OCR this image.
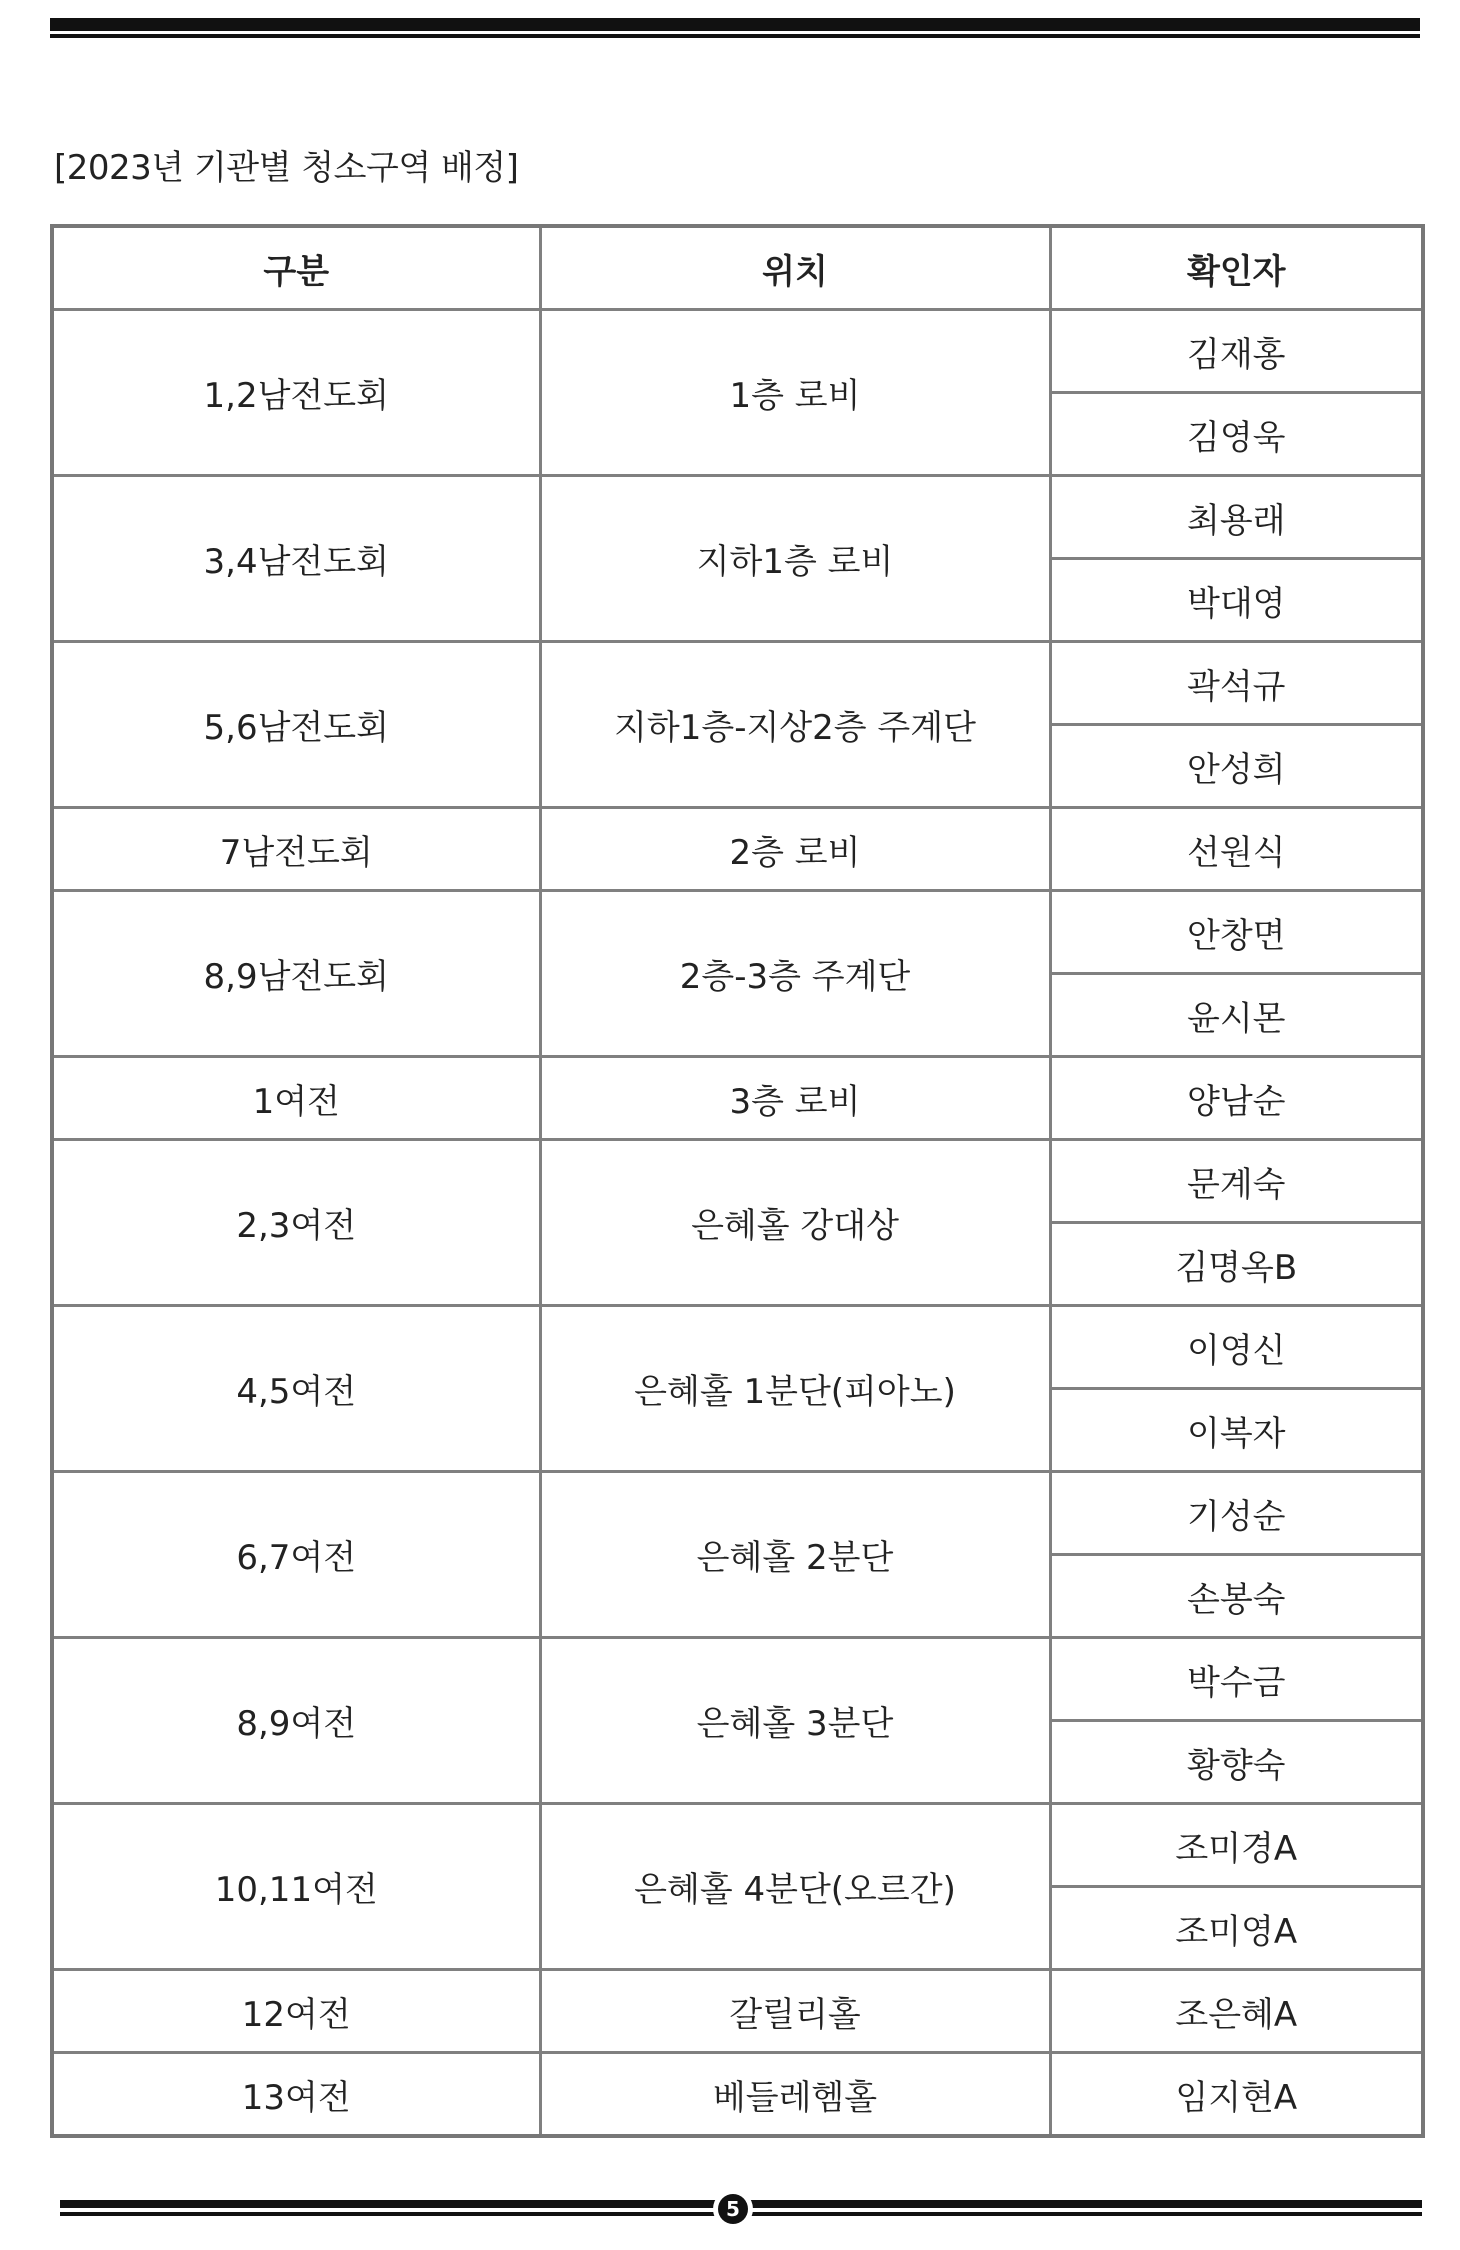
[2023년 기관별 청소구역 배정]
구분	위치	확인자
1,2남전도회	1층 로비	김재홍
		김영욱
3,4남전도회	지하1층 로비	최용래
		박대영
5,6남전도회	지하1층-지상2층 주계단	곽석규
		안성희
7남전도회	2층 로비	선원식
8,9남전도회	2층-3층 주계단	안창면
		윤시몬
1여전	3층 로비	양남순
2,3여전	은혜홀 강대상	문계숙
		김명옥B
4,5여전	은혜홀 1분단(피아노)	이영신
		이복자
6,7여전	은혜홀 2분단	기성순
		손봉숙
8,9여전	은혜홀 3분단	박수금
		황향숙
10,11여전	은혜홀 4분단(오르간)	조미경A
		조미영A
12여전	갈릴리홀	조은혜A
13여전	베들레헴홀	임지현A
5
